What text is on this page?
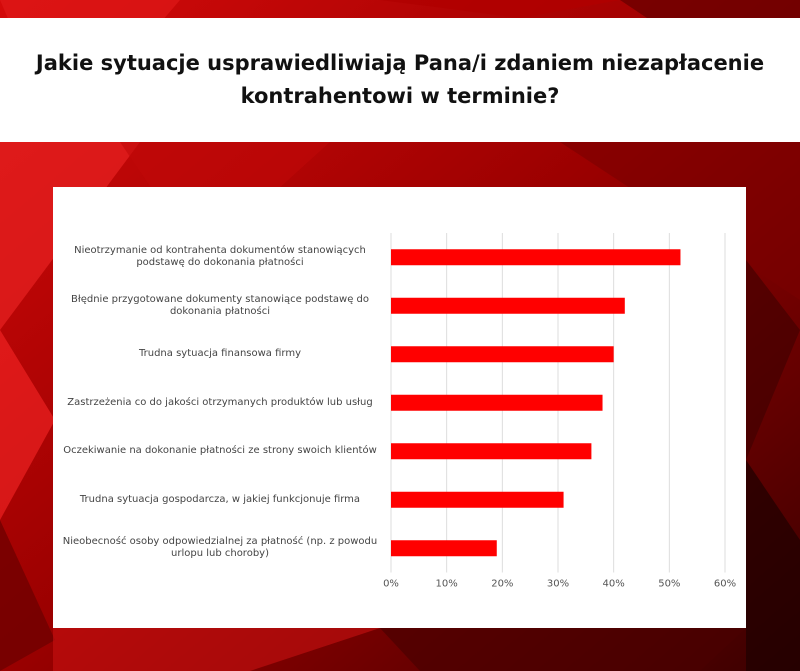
Jakie sytuacje usprawiedliwiają Pana/i zdaniem niezapłacenie kontrahentowi w terminie?
0%	10%	20%	30%	40%	50%	60%
Nieotrzymanie od kontrahenta dokumentów stanowiących podstawę do dokonania płatności
Błędnie przygotowane dokumenty stanowiące podstawę do dokonania płatności
Trudna sytuacja finansowa firmy
Zastrzeżenia co do jakości otrzymanych produktów lub usług
Oczekiwanie na dokonanie płatności ze strony swoich klientów
Trudna sytuacja gospodarcza, w jakiej funkcjonuje firma
Nieobecność osoby odpowiedzialnej za płatność (np. z powodu urlopu lub choroby)
